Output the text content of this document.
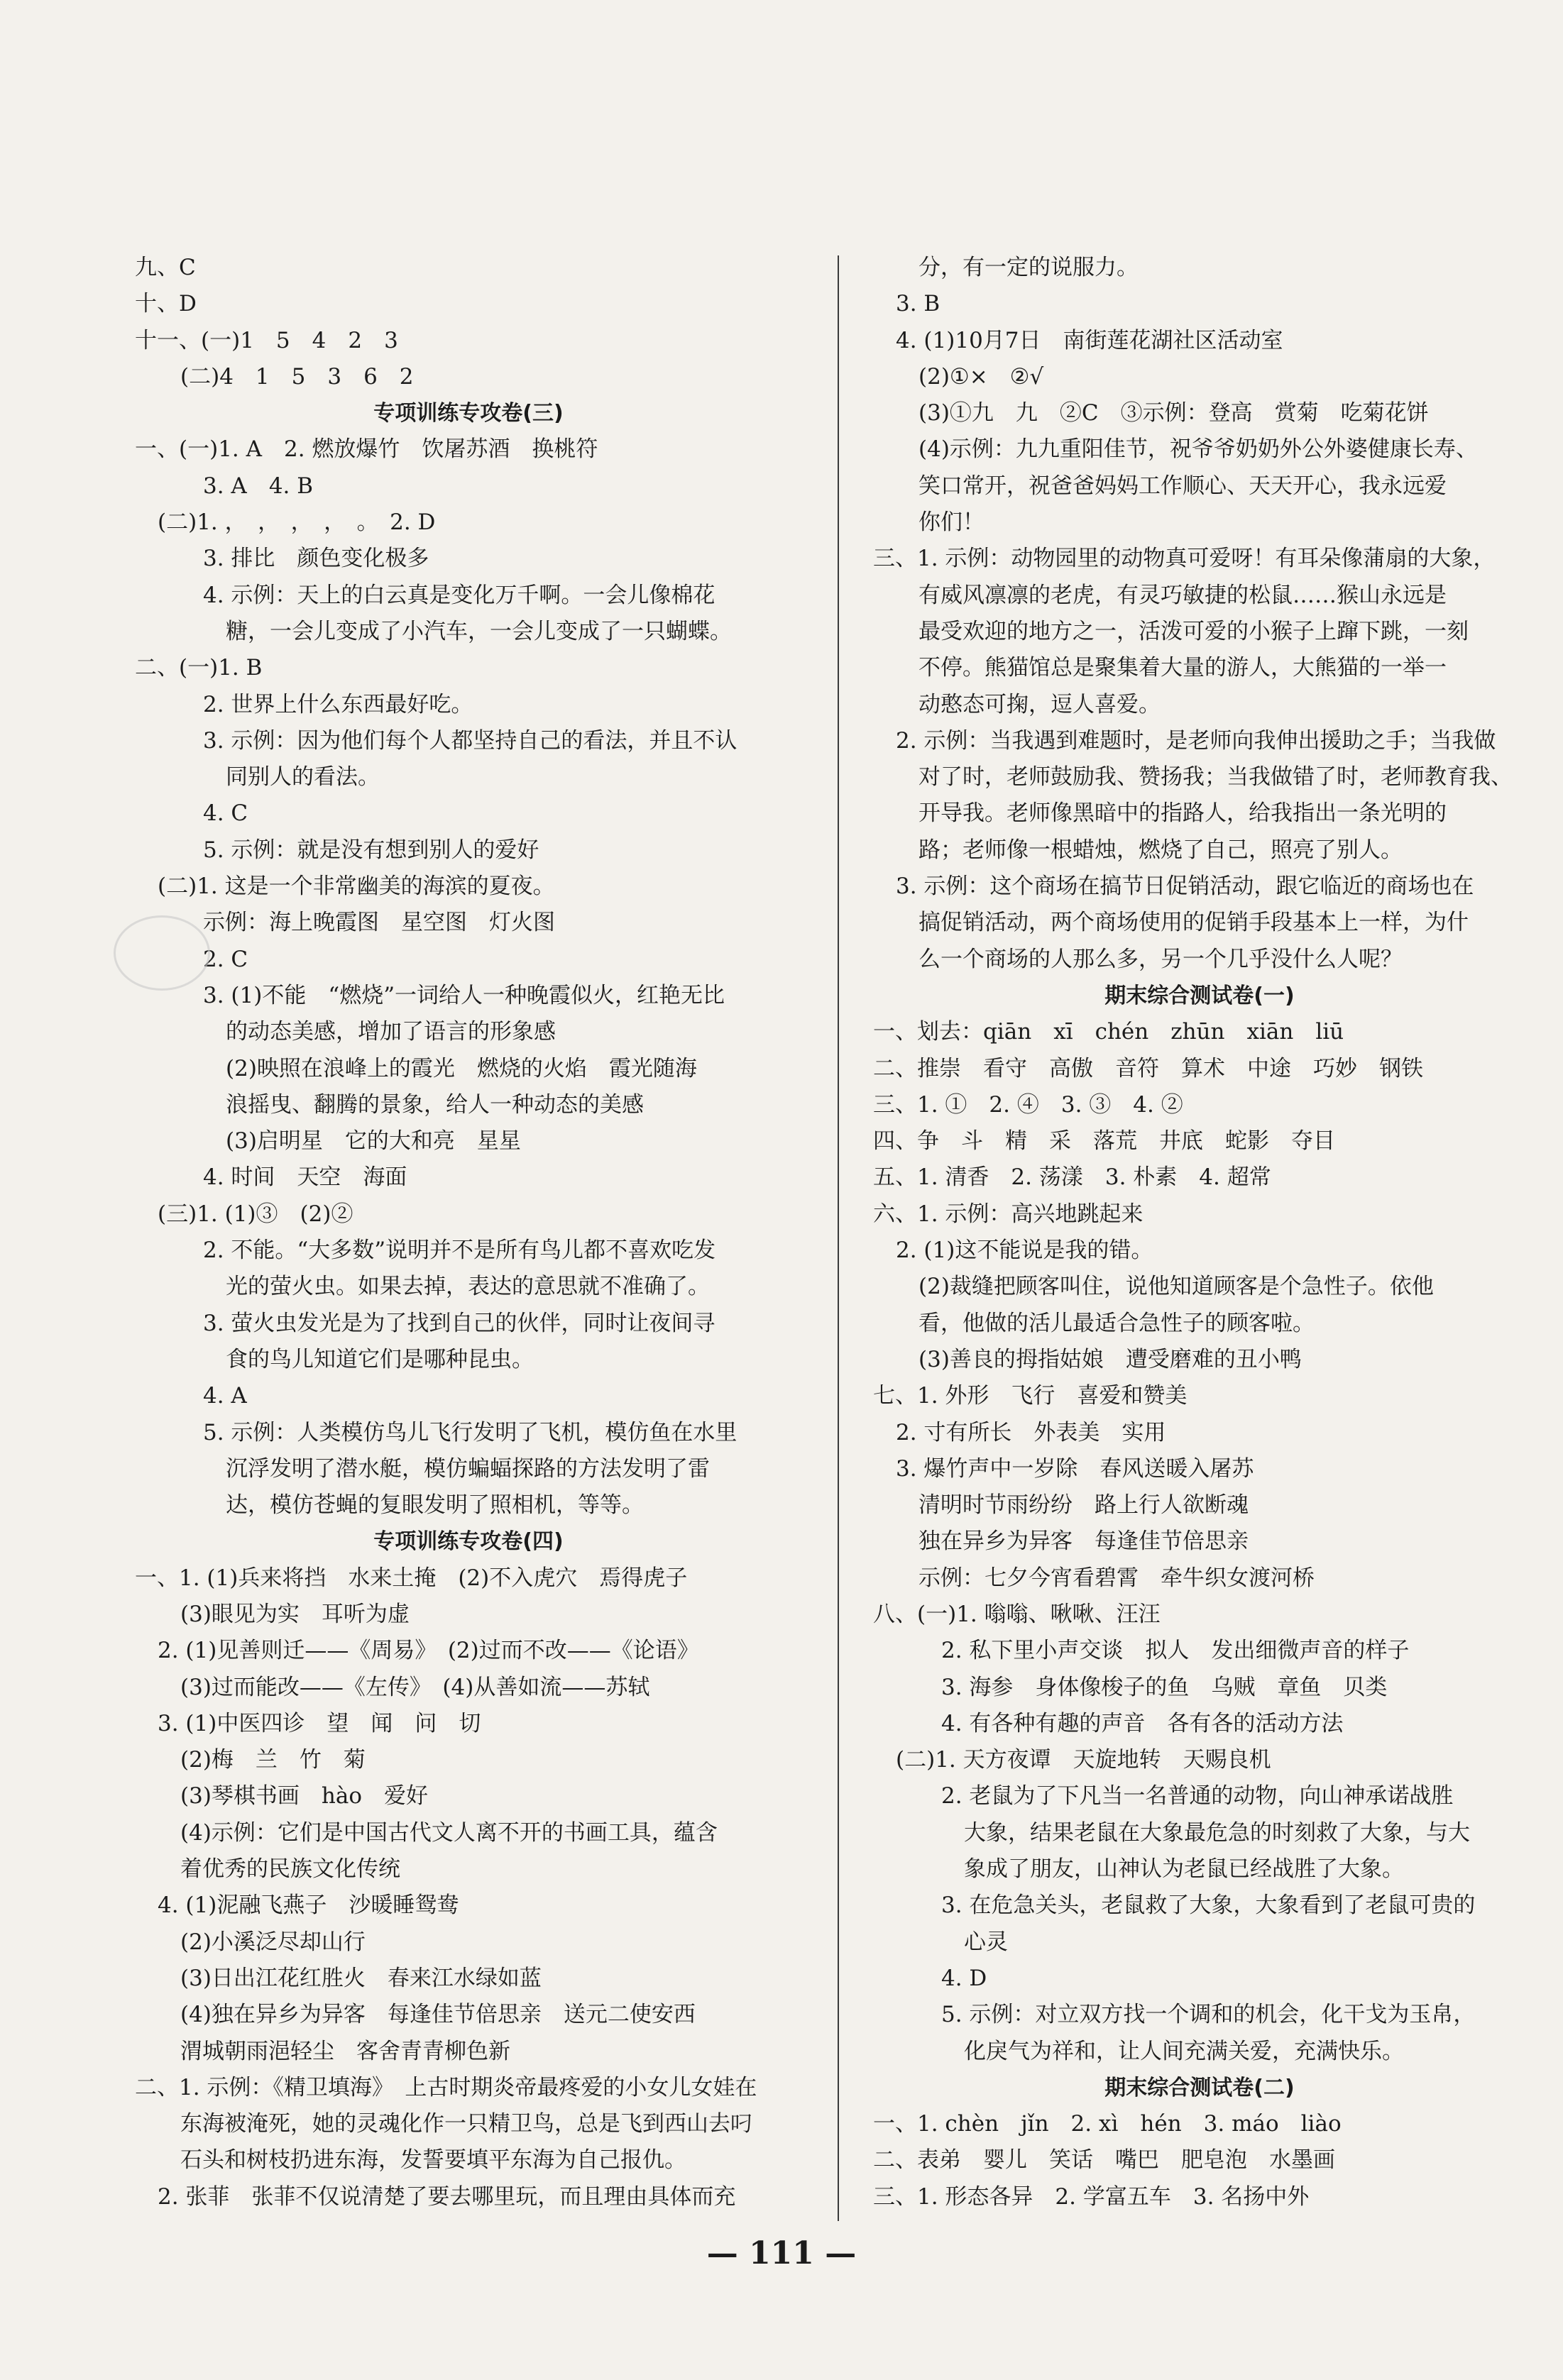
九、C
十、D
十一、(一)1　5　4　2　3
(二)4　1　5　3　6　2
专项训练专攻卷(三)
一、(一)1. A　2. 燃放爆竹　饮屠苏酒　换桃符
3. A　4. B
(二)1. ，　，　，　，　。　2. D
3. 排比　颜色变化极多
4. 示例：天上的白云真是变化万千啊。一会儿像棉花
糖，一会儿变成了小汽车，一会儿变成了一只蝴蝶。
二、(一)1. B
2. 世界上什么东西最好吃。
3. 示例：因为他们每个人都坚持自己的看法，并且不认
同别人的看法。
4. C
5. 示例：就是没有想到别人的爱好
(二)1. 这是一个非常幽美的海滨的夏夜。
示例：海上晚霞图　星空图　灯火图
2. C
3. (1)不能　“燃烧”一词给人一种晚霞似火，红艳无比
的动态美感，增加了语言的形象感
(2)映照在浪峰上的霞光　燃烧的火焰　霞光随海
浪摇曳、翻腾的景象，给人一种动态的美感
(3)启明星　它的大和亮　星星
4. 时间　天空　海面
(三)1. (1)③　(2)②
2. 不能。“大多数”说明并不是所有鸟儿都不喜欢吃发
光的萤火虫。如果去掉，表达的意思就不准确了。
3. 萤火虫发光是为了找到自己的伙伴，同时让夜间寻
食的鸟儿知道它们是哪种昆虫。
4. A
5. 示例：人类模仿鸟儿飞行发明了飞机，模仿鱼在水里
沉浮发明了潜水艇，模仿蝙蝠探路的方法发明了雷
达，模仿苍蝇的复眼发明了照相机，等等。
专项训练专攻卷(四)
一、1. (1)兵来将挡　水来土掩　(2)不入虎穴　焉得虎子
(3)眼见为实　耳听为虚
2. (1)见善则迁——《周易》　(2)过而不改——《论语》
(3)过而能改——《左传》　(4)从善如流——苏轼
3. (1)中医四诊　望　闻　问　切
(2)梅　兰　竹　菊
(3)琴棋书画　hào　爱好
(4)示例：它们是中国古代文人离不开的书画工具，蕴含
着优秀的民族文化传统
4. (1)泥融飞燕子　沙暖睡鸳鸯
(2)小溪泛尽却山行
(3)日出江花红胜火　春来江水绿如蓝
(4)独在异乡为异客　每逢佳节倍思亲　送元二使安西
渭城朝雨浥轻尘　客舍青青柳色新
二、1. 示例：《精卫填海》　上古时期炎帝最疼爱的小女儿女娃在
东海被淹死，她的灵魂化作一只精卫鸟，总是飞到西山去叼
石头和树枝扔进东海，发誓要填平东海为自己报仇。
2. 张菲　张菲不仅说清楚了要去哪里玩，而且理由具体而充
分，有一定的说服力。
3. B
4. (1)10月7日　南街莲花湖社区活动室
(2)①×　②√
(3)①九　九　②C　③示例：登高　赏菊　吃菊花饼
(4)示例：九九重阳佳节，祝爷爷奶奶外公外婆健康长寿、
笑口常开，祝爸爸妈妈工作顺心、天天开心，我永远爱
你们！
三、1. 示例：动物园里的动物真可爱呀！有耳朵像蒲扇的大象，
有威风凛凛的老虎，有灵巧敏捷的松鼠……猴山永远是
最受欢迎的地方之一，活泼可爱的小猴子上蹿下跳，一刻
不停。熊猫馆总是聚集着大量的游人，大熊猫的一举一
动憨态可掬，逗人喜爱。
2. 示例：当我遇到难题时，是老师向我伸出援助之手；当我做
对了时，老师鼓励我、赞扬我；当我做错了时，老师教育我、
开导我。老师像黑暗中的指路人，给我指出一条光明的
路；老师像一根蜡烛，燃烧了自己，照亮了别人。
3. 示例：这个商场在搞节日促销活动，跟它临近的商场也在
搞促销活动，两个商场使用的促销手段基本上一样，为什
么一个商场的人那么多，另一个几乎没什么人呢？
期末综合测试卷(一)
一、划去：qiān　xī　chén　zhūn　xiān　liū
二、推崇　看守　高傲　音符　算术　中途　巧妙　钢铁
三、1. ①　2. ④　3. ③　4. ②
四、争　斗　精　采　落荒　井底　蛇影　夺目
五、1. 清香　2. 荡漾　3. 朴素　4. 超常
六、1. 示例：高兴地跳起来
2. (1)这不能说是我的错。
(2)裁缝把顾客叫住，说他知道顾客是个急性子。依他
看，他做的活儿最适合急性子的顾客啦。
(3)善良的拇指姑娘　遭受磨难的丑小鸭
七、1. 外形　飞行　喜爱和赞美
2. 寸有所长　外表美　实用
3. 爆竹声中一岁除　春风送暖入屠苏
清明时节雨纷纷　路上行人欲断魂
独在异乡为异客　每逢佳节倍思亲
示例：七夕今宵看碧霄　牵牛织女渡河桥
八、(一)1. 嗡嗡、啾啾、汪汪
2. 私下里小声交谈　拟人　发出细微声音的样子
3. 海参　身体像梭子的鱼　乌贼　章鱼　贝类
4. 有各种有趣的声音　各有各的活动方法
(二)1. 天方夜谭　天旋地转　天赐良机
2. 老鼠为了下凡当一名普通的动物，向山神承诺战胜
大象，结果老鼠在大象最危急的时刻救了大象，与大
象成了朋友，山神认为老鼠已经战胜了大象。
3. 在危急关头，老鼠救了大象，大象看到了老鼠可贵的
心灵
4. D
5. 示例：对立双方找一个调和的机会，化干戈为玉帛，
化戾气为祥和，让人间充满关爱，充满快乐。
期末综合测试卷(二)
一、1. chèn　jǐn　2. xì　hén　3. máo　liào
二、表弟　婴儿　笑话　嘴巴　肥皂泡　水墨画
三、1. 形态各异　2. 学富五车　3. 名扬中外
— 111 —
